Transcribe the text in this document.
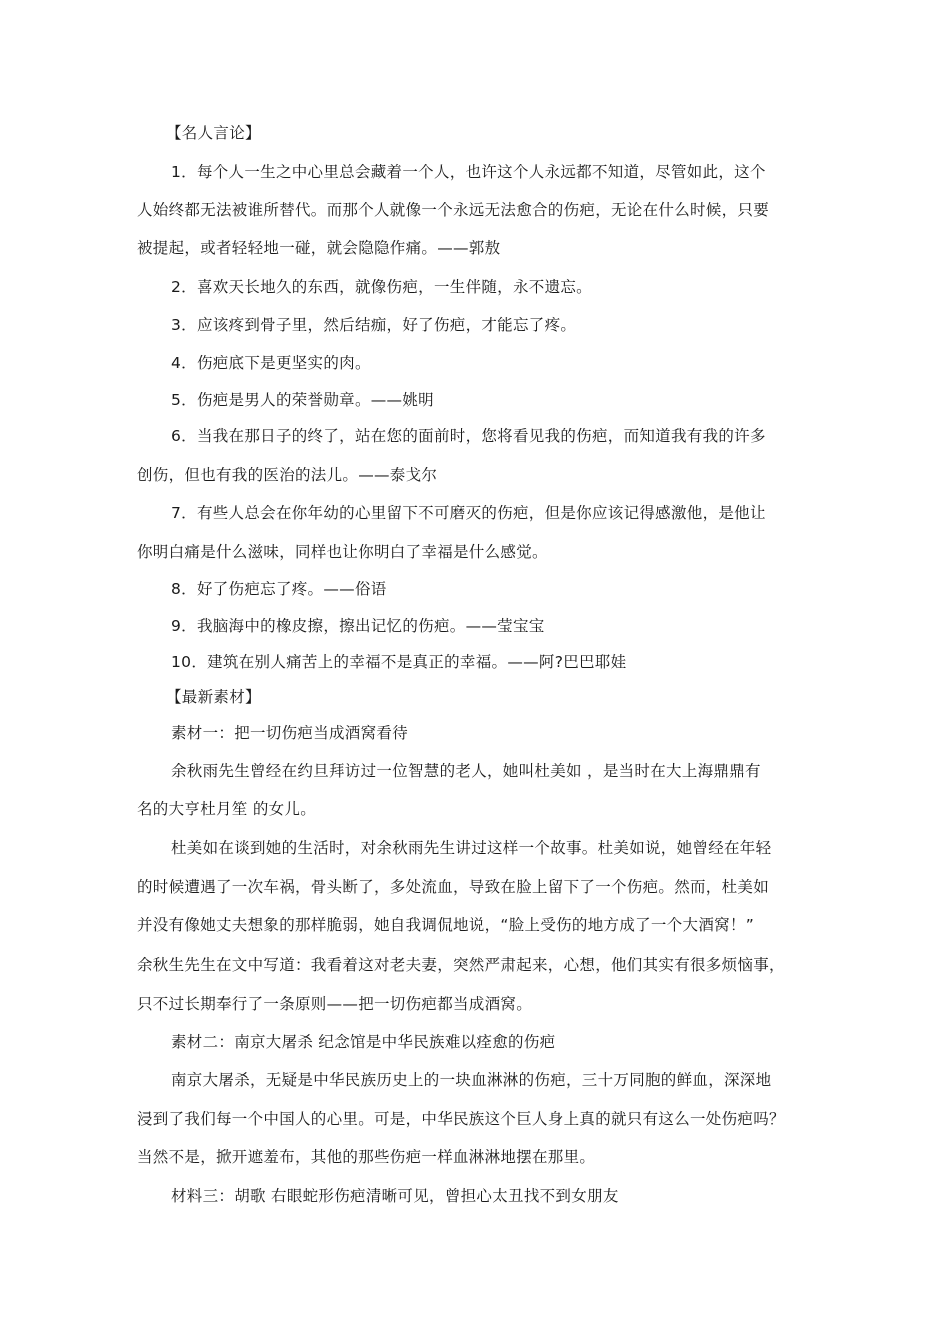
【名人言论】
1．每个人一生之中心里总会藏着一个人，也许这个人永远都不知道，尽管如此，这个
人始终都无法被谁所替代。而那个人就像一个永远无法愈合的伤疤，无论在什么时候，只要
被提起，或者轻轻地一碰，就会隐隐作痛。——郭敖
2．喜欢天长地久的东西，就像伤疤，一生伴随，永不遗忘。
3．应该疼到骨子里，然后结痂，好了伤疤，才能忘了疼。
4．伤疤底下是更坚实的肉。
5．伤疤是男人的荣誉勋章。——姚明
6．当我在那日子的终了，站在您的面前时，您将看见我的伤疤，而知道我有我的许多
创伤，但也有我的医治的法儿。——泰戈尔
7．有些人总会在你年幼的心里留下不可磨灭的伤疤，但是你应该记得感激他，是他让
你明白痛是什么滋味，同样也让你明白了幸福是什么感觉。
8．好了伤疤忘了疼。——俗语
9．我脑海中的橡皮擦，擦出记忆的伤疤。——莹宝宝
10．建筑在别人痛苦上的幸福不是真正的幸福。——阿?巴巴耶娃
【最新素材】
素材一：把一切伤疤当成酒窝看待
余秋雨先生曾经在约旦拜访过一位智慧的老人，她叫杜美如 ，是当时在大上海鼎鼎有
名的大亨杜月笙 的女儿。
杜美如在谈到她的生活时，对余秋雨先生讲过这样一个故事。杜美如说，她曾经在年轻
的时候遭遇了一次车祸，骨头断了，多处流血，导致在脸上留下了一个伤疤。然而，杜美如
并没有像她丈夫想象的那样脆弱，她自我调侃地说，“脸上受伤的地方成了一个大酒窝！”
余秋生先生在文中写道：我看着这对老夫妻，突然严肃起来，心想，他们其实有很多烦恼事，
只不过长期奉行了一条原则——把一切伤疤都当成酒窝。
素材二：南京大屠杀 纪念馆是中华民族难以痊愈的伤疤
南京大屠杀，无疑是中华民族历史上的一块血淋淋的伤疤，三十万同胞的鲜血，深深地
浸到了我们每一个中国人的心里。可是，中华民族这个巨人身上真的就只有这么一处伤疤吗？
当然不是，掀开遮羞布，其他的那些伤疤一样血淋淋地摆在那里。
材料三：胡歌 右眼蛇形伤疤清晰可见，曾担心太丑找不到女朋友
